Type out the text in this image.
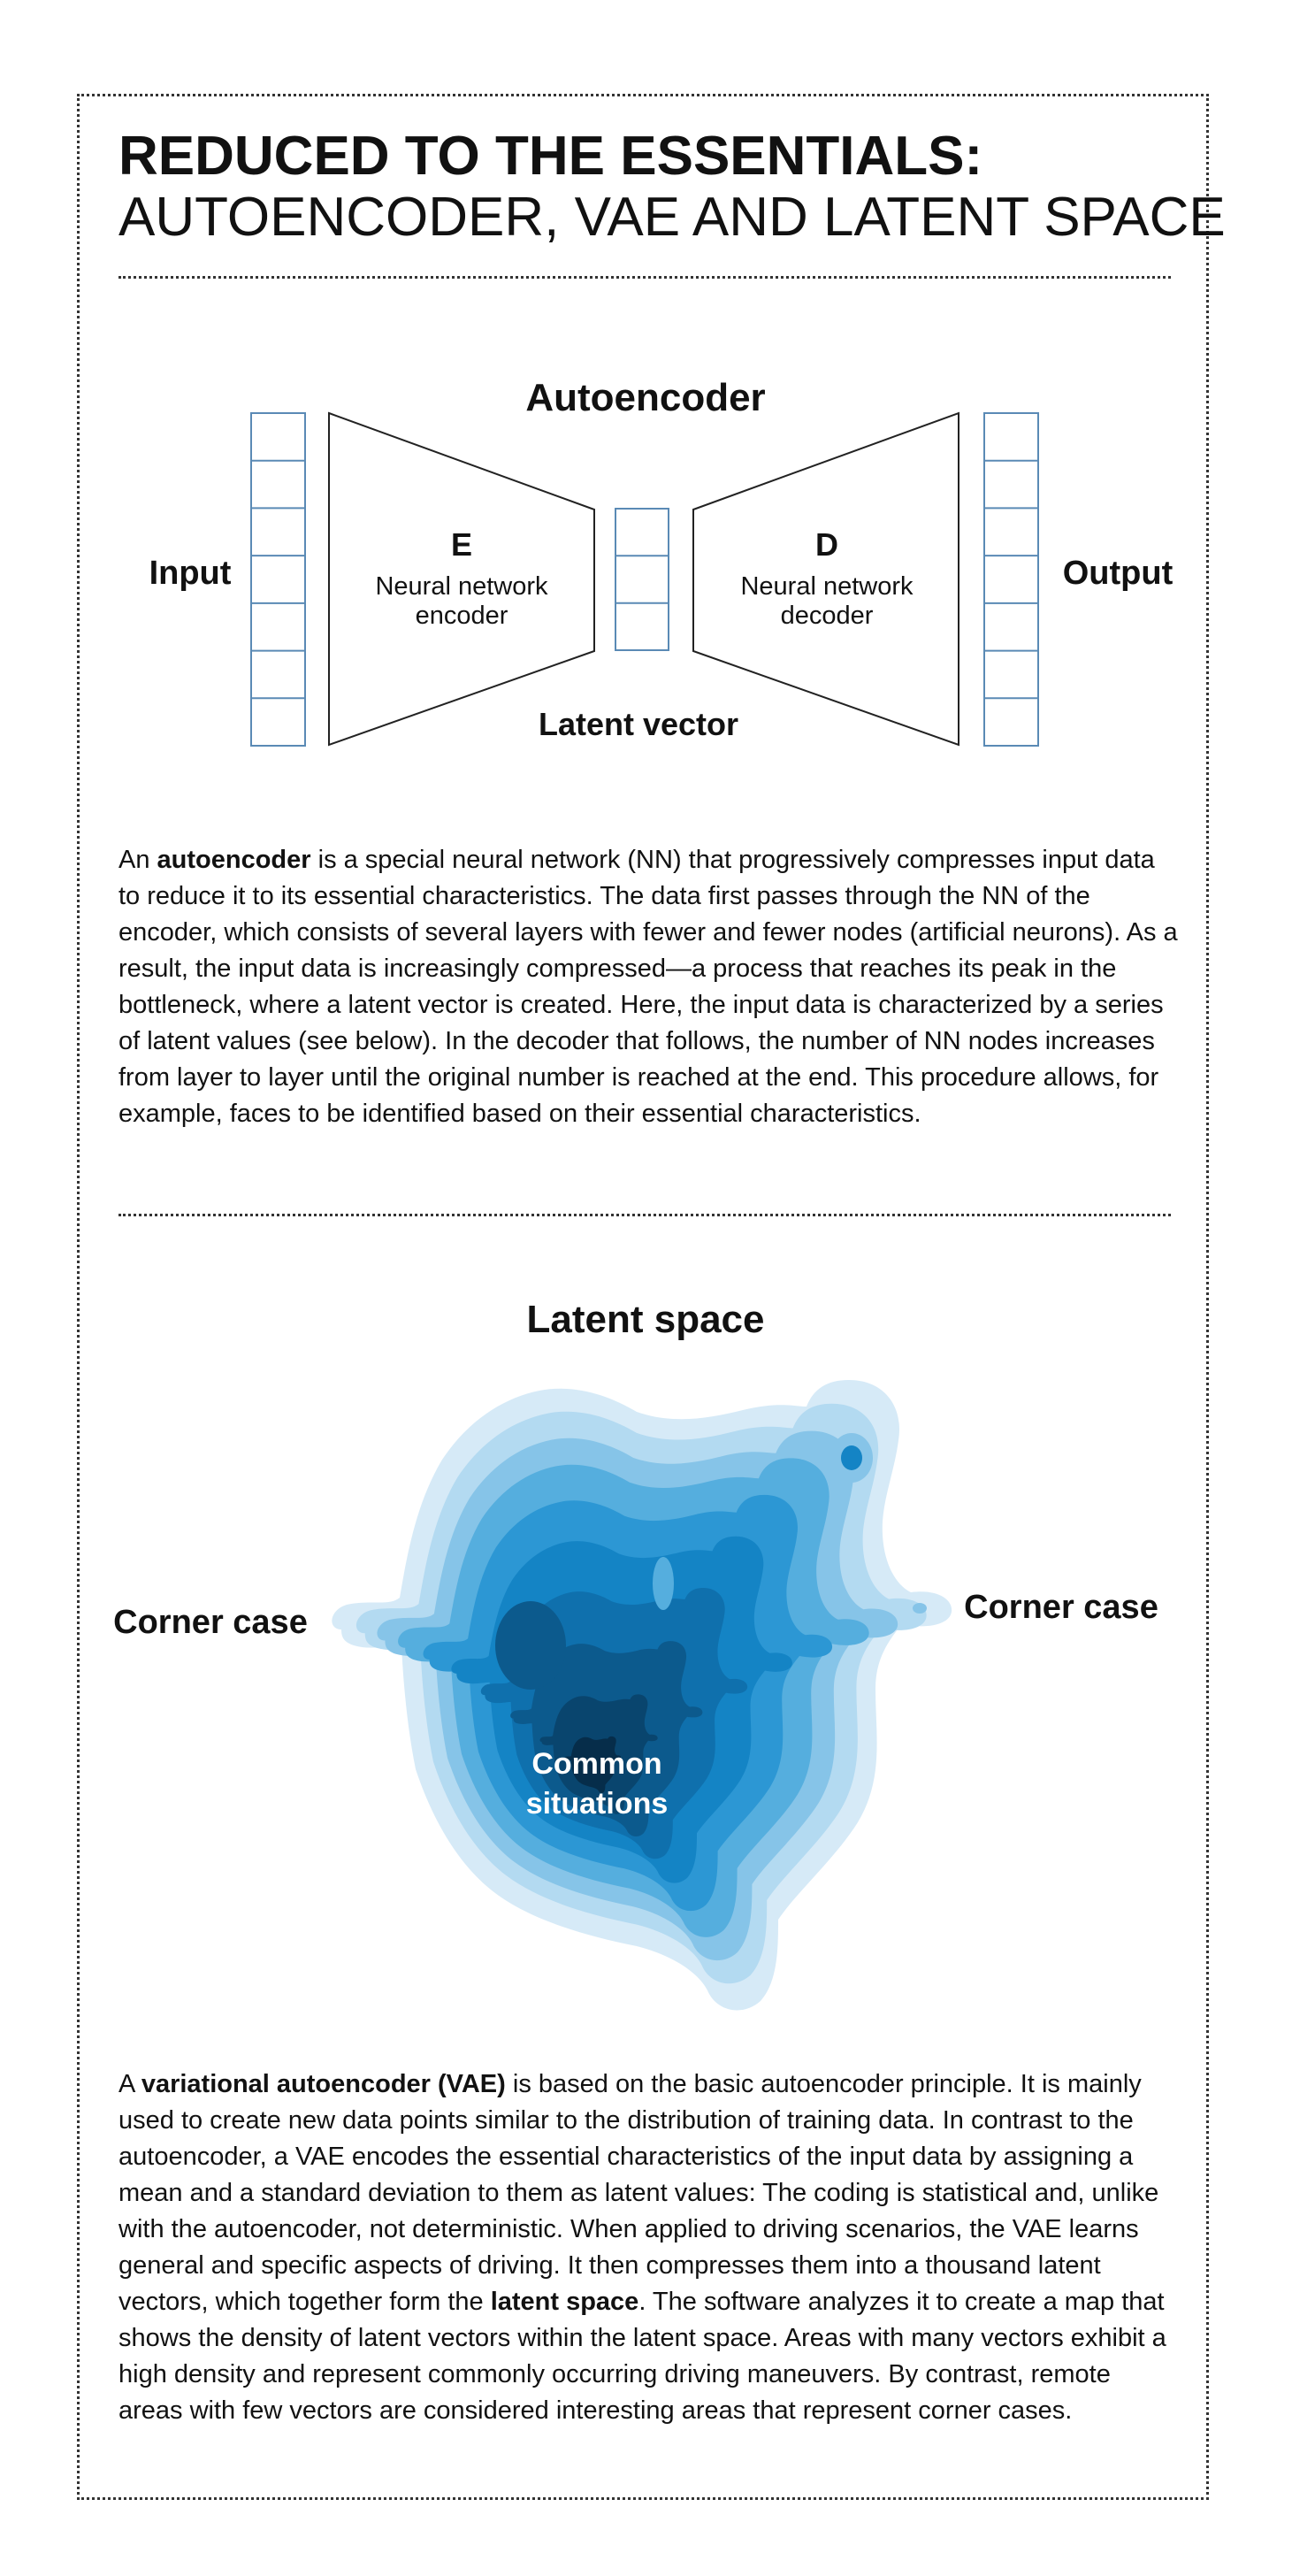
REDUCED TO THE ESSENTIALS:
AUTOENCODER, VAE AND LATENT SPACE
Autoencoder
Input	Output
E
Neural network
encoder
Latent vector
D
Neural network
decoder

An autoencoder is a special neural network (NN) that progressively compresses input data to reduce it to its essential characteristics. The data first passes through the NN of the encoder, which consists of several layers with fewer and fewer nodes (artificial neurons). As a result, the input data is increasingly compressed—a process that reaches its peak in the bottleneck, where a latent vector is created. Here, the input data is characterized by a series of latent values (see below). In the decoder that follows, the number of NN nodes increases from layer to layer until the original number is reached at the end. This procedure allows, for example, faces to be identified based on their essential characteristics.

Latent space
Corner case	Corner case
Common
situations

A variational autoencoder (VAE) is based on the basic autoencoder principle. It is mainly used to create new data points similar to the distribution of training data. In contrast to the autoencoder, a VAE encodes the essential characteristics of the input data by assigning a mean and a standard deviation to them as latent values: The coding is statistical and, unlike with the autoencoder, not deterministic. When applied to driving scenarios, the VAE learns general and specific aspects of driving. It then compresses them into a thousand latent vectors, which together form the latent space. The software analyzes it to create a map that shows the density of latent vectors within the latent space. Areas with many vectors exhibit a high density and represent commonly occurring driving maneuvers. By contrast, remote areas with few vectors are considered interesting areas that represent corner cases.
